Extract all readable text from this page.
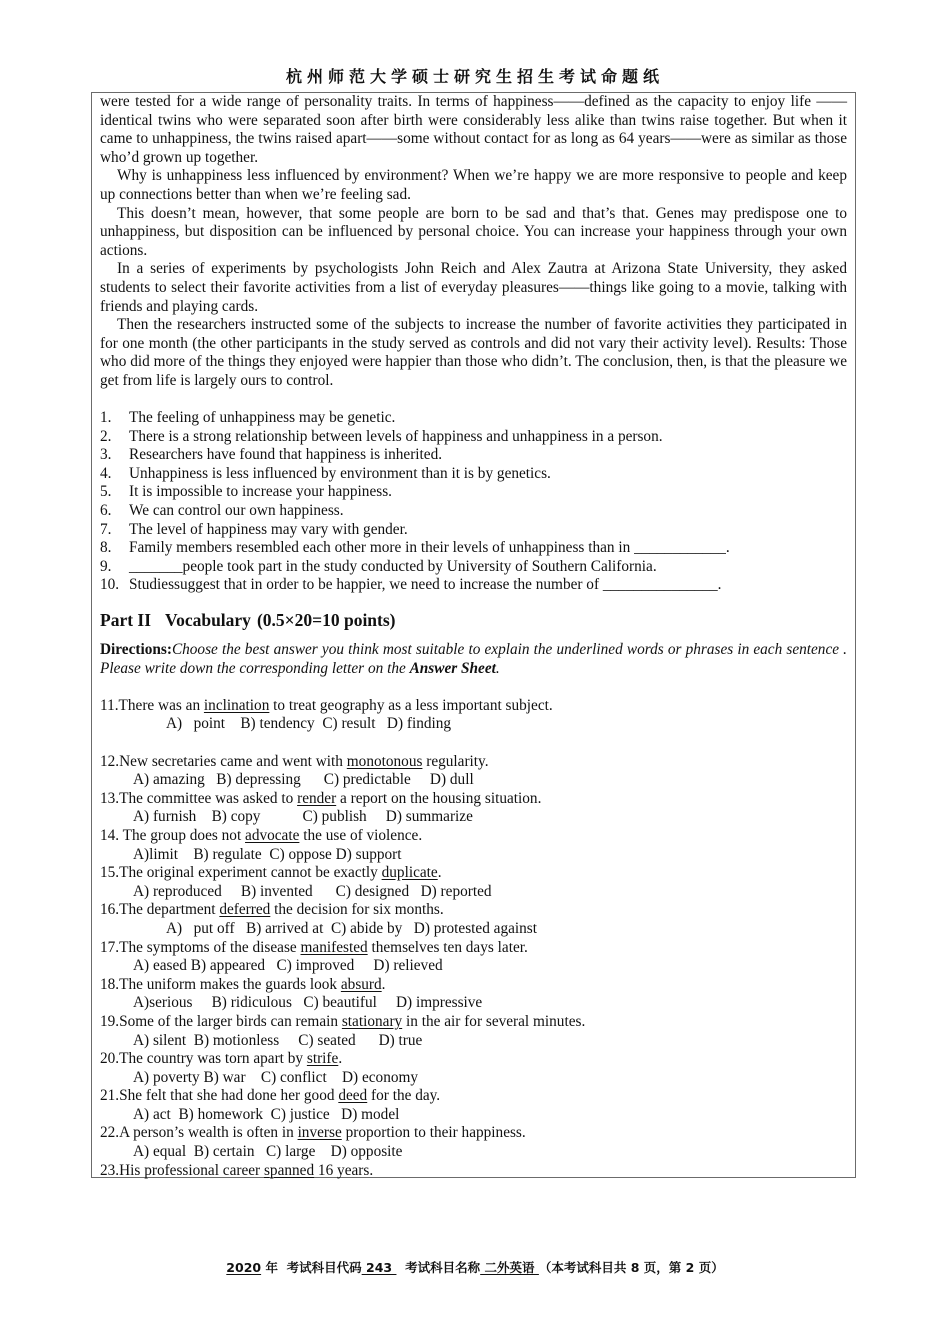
杭州师范大学硕士研究生招生考试命题纸

were tested for a wide range of personality traits. In terms of happiness——defined as the capacity to enjoy life ——identical twins who were separated soon after birth were considerably less alike than twins raise together. But when it came to unhappiness, the twins raised apart——some without contact for as long as 64 years——were as similar as those who’d grown up together.

Why is unhappiness less influenced by environment? When we’re happy we are more responsive to people and keep up connections better than when we’re feeling sad.

This doesn’t mean, however, that some people are born to be sad and that’s that. Genes may predispose one to unhappiness, but disposition can be influenced by personal choice. You can increase your happiness through your own actions.

In a series of experiments by psychologists John Reich and Alex Zautra at Arizona State University, they asked students to select their favorite activities from a list of everyday pleasures——things like going to a movie, talking with friends and playing cards.

Then the researchers instructed some of the subjects to increase the number of favorite activities they participated in for one month (the other participants in the study served as controls and did not vary their activity level). Results: Those who did more of the things they enjoyed were happier than those who didn’t. The conclusion, then, is that the pleasure we get from life is largely ours to control.

1.	The feeling of unhappiness may be genetic.
2.	There is a strong relationship between levels of happiness and unhappiness in a person.
3.	Researchers have found that happiness is inherited.
4.	Unhappiness is less influenced by environment than it is by genetics.
5.	It is impossible to increase your happiness.
6.	We can control our own happiness.
7.	The level of happiness may vary with gender.
8.	Family members resembled each other more in their levels of unhappiness than in ____________.
9.	_______people took part in the study conducted by University of Southern California.
10. Studiessuggest that in order to be happier, we need to increase the number of _______________.
Part II Vocabulary (0.5×20=10 points)
Directions:Choose the best answer you think most suitable to explain the underlined words or phrases in each sentence . Please write down the corresponding letter on the Answer Sheet.
11.There was an inclination to treat geography as a less important subject.
A)   point    B) tendency  C) result   D) finding
12.New secretaries came and went with monotonous regularity.
A) amazing   B) depressing      C) predictable     D) dull
13.The committee was asked to render a report on the housing situation.
A) furnish    B) copy           C) publish     D) summarize
14. The group does not advocate the use of violence.
A)limit    B) regulate  C) oppose D) support
15.The original experiment cannot be exactly duplicate.
A) reproduced     B) invented      C) designed   D) reported
16.The department deferred the decision for six months.
A)   put off   B) arrived at  C) abide by   D) protested against
17.The symptoms of the disease manifested themselves ten days later.
A) eased B) appeared   C) improved     D) relieved
18.The uniform makes the guards look absurd.
A)serious     B) ridiculous   C) beautiful     D) impressive
19.Some of the larger birds can remain stationary in the air for several minutes.
A) silent  B) motionless     C) seated      D) true
20.The country was torn apart by strife.
A) poverty B) war    C) conflict    D) economy
21.She felt that she had done her good deed for the day.
A) act  B) homework  C) justice   D) model
22.A person’s wealth is often in inverse proportion to their happiness.
A) equal  B) certain   C) large    D) opposite
23.His professional career spanned 16 years.
2020 年  考试科目代码 243   考试科目名称 二外英语 （本考试科目共 8 页，第 2 页）
